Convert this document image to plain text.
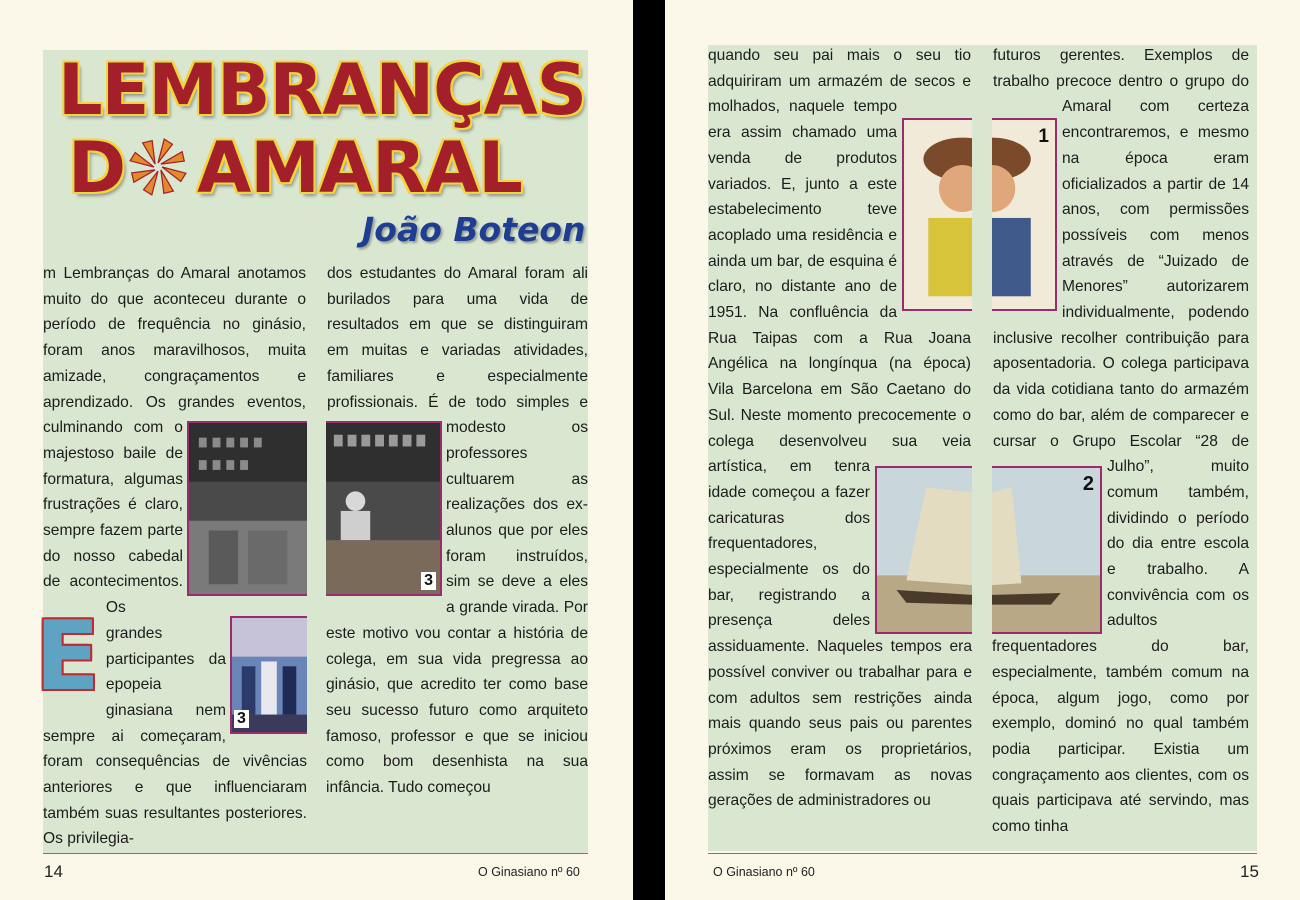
LEMBRANÇAS
D AMARAL
João Boteon
3
E

m Lembranças do Amaral anotamos muito do que aconteceu durante o período de frequência no ginásio, foram anos maravilhosos, muita amizade, congraçamentos e aprendizado. Os grandes eventos, culminando com o majestoso baile de formatura, algumas frustrações é claro, sempre fazem parte do nosso cabedal de acontecimentos. Os grandes participantes da epopeia ginasiana nem sempre ai começaram, foram consequências de vivências anteriores e que influenciaram também suas resultantes posteriores. Os privilegia-

3

dos estudantes do Amaral foram ali burilados para uma vida de resultados em que se distinguiram em muitas e variadas atividades, familiares e especialmente profissionais. É de todo simples e modesto os professores cultuarem as realizações dos ex-alunos que por eles foram instruídos, sim se deve a eles a grande virada. Por este motivo vou contar a história de colega, em sua vida pregressa ao ginásio, que acredito ter como base seu sucesso futuro como arquiteto famoso, professor e que se iniciou como bom desenhista na sua infância. Tudo começou

14	O Ginasiano nº 60

quando seu pai mais o seu tio adquiriram um armazém de secos e molhados, naquele tempo era assim chamado uma venda de produtos variados. E, junto a este estabelecimento teve acoplado uma residência e ainda um bar, de esquina é claro, no distante ano de 1951. Na confluência da Rua Taipas com a Rua Joana Angélica na longínqua (na época) Vila Barcelona em São Caetano do Sul. Neste momento precocemente o colega desenvolveu sua veia artística, em tenra idade começou a fazer caricaturas dos frequentadores, especialmente os do bar, registrando a presença deles assiduamente. Naqueles tempos era possível conviver ou trabalhar para e com adultos sem restrições ainda mais quando seus pais ou parentes próximos eram os proprietários, assim se formavam as novas gerações de administradores ou

1
2

futuros gerentes. Exemplos de trabalho precoce dentro o grupo do Amaral com certeza encontraremos, e mesmo na época eram oficializados a partir de 14 anos, com permissões possíveis com menos através de “Juizado de Menores” autorizarem individualmente, podendo inclusive recolher contribuição para aposentadoria. O colega participava da vida cotidiana tanto do armazém como do bar, além de comparecer e cursar o Grupo Escolar “28 de Julho”, muito comum também, dividindo o período do dia entre escola e trabalho. A convivência com os adultos frequentadores do bar, especialmente, também comum na época, algum jogo, como por exemplo, dominó no qual também podia participar. Existia um congraçamento aos clientes, com os quais participava até servindo, mas como tinha

O Ginasiano nº 60	15
